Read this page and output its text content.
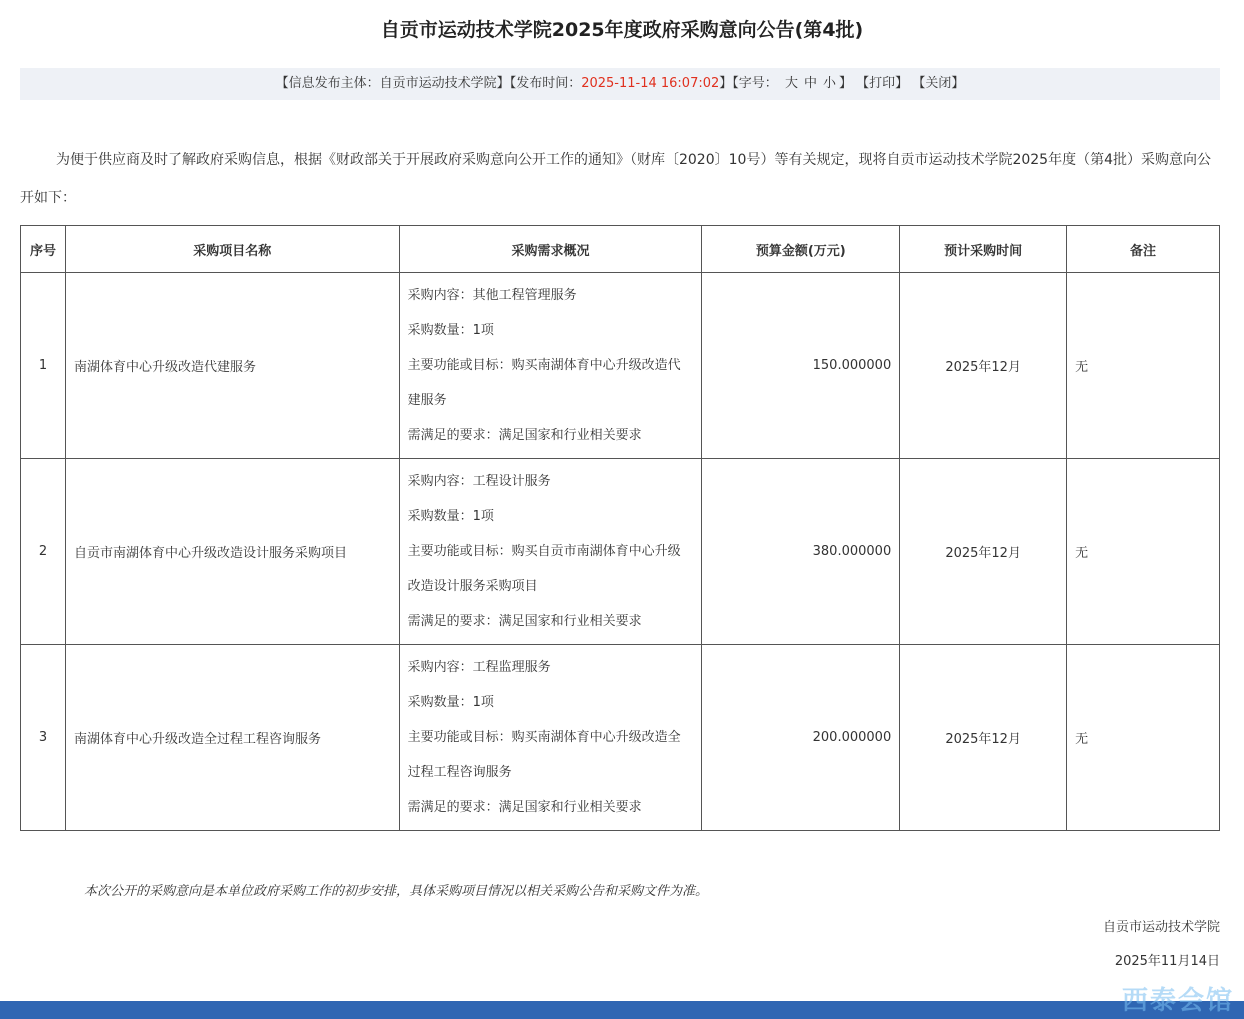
自贡市运动技术学院2025年度政府采购意向公告(第4批)
【信息发布主体：自贡市运动技术学院】【发布时间：2025-11-14 16:07:02】【字号： 大 中 小 】 【打印】 【关闭】
为便于供应商及时了解政府采购信息，根据《财政部关于开展政府采购意向公开工作的通知》（财库〔2020〕10号）等有关规定，现将自贡市运动技术学院2025年度（第4批）采购意向公开如下：
序号	采购项目名称	采购需求概况	预算金额(万元)	预计采购时间	备注
1	南湖体育中心升级改造代建服务	采购内容：其他工程管理服务
采购数量：1项
主要功能或目标：购买南湖体育中心升级改造代建服务
需满足的要求：满足国家和行业相关要求	150.000000	2025年12月	无
2	自贡市南湖体育中心升级改造设计服务采购项目	采购内容：工程设计服务
采购数量：1项
主要功能或目标：购买自贡市南湖体育中心升级改造设计服务采购项目
需满足的要求：满足国家和行业相关要求	380.000000	2025年12月	无
3	南湖体育中心升级改造全过程工程咨询服务	采购内容：工程监理服务
采购数量：1项
主要功能或目标：购买南湖体育中心升级改造全过程工程咨询服务
需满足的要求：满足国家和行业相关要求	200.000000	2025年12月	无
本次公开的采购意向是本单位政府采购工作的初步安排，具体采购项目情况以相关采购公告和采购文件为准。
自贡市运动技术学院
2025年11月14日
西泰会馆
